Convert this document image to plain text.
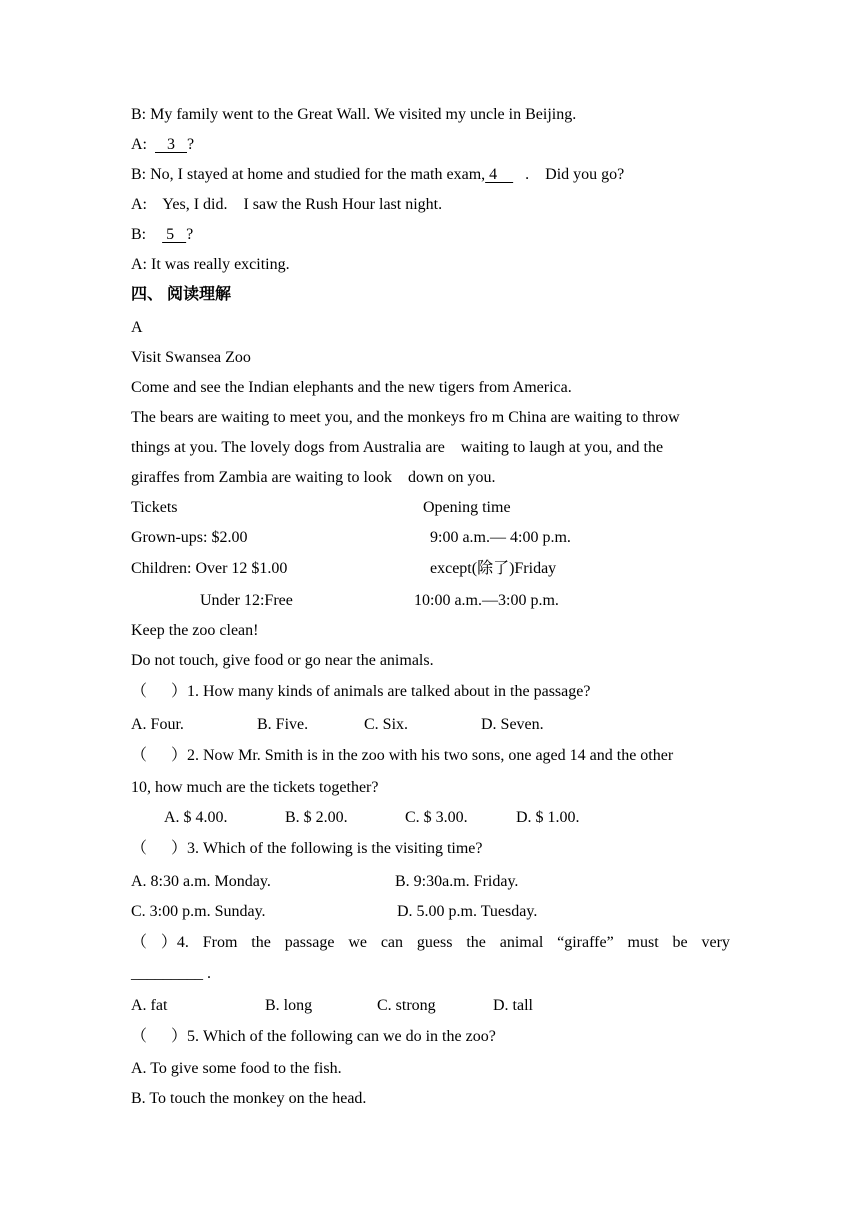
B: My family went to the Great Wall. We visited my uncle in Beijing.
A:     3   ?
B: No, I stayed at home and studied for the math exam, 4       .    Did you go?
A:    Yes, I did.    I saw the Rush Hour last night.
B:     5   ?
A: It was really exciting.
四、 阅读理解
A
Visit Swansea Zoo
Come and see the Indian elephants and the new tigers from America.
The bears are waiting to meet you, and the monkeys fro m China are waiting to throw
things at you. The lovely dogs from Australia are    waiting to laugh at you, and the
giraffes from Zambia are waiting to look    down on you.
Tickets	Opening time
Grown-ups: $2.00	9:00 a.m.— 4:00 p.m.
Children: Over 12 $1.00	except(除了)Friday
Under 12:Free	10:00 a.m.—3:00 p.m.
Keep the zoo clean!
Do not touch, give food or go near the animals.
（      ）1. How many kinds of animals are talked about in the passage?
A. Four.	B. Five.	C. Six.	D. Seven.
（      ）2. Now Mr. Smith is in the zoo with his two sons, one aged 14 and the other
10, how much are the tickets together?
A. $ 4.00.	B. $ 2.00.	C. $ 3.00.	D. $ 1.00.
（      ）3. Which of the following is the visiting time?
A. 8:30 a.m. Monday.	B. 9:30a.m. Friday.
C. 3:00 p.m. Sunday.	D. 5.00 p.m. Tuesday.
（ ）4. From the passage we can guess the animal “giraffe” must be very
_________ .
A. fat	B. long	C. strong	D. tall
（      ）5. Which of the following can we do in the zoo?
A. To give some food to the fish.
B. To touch the monkey on the head.
